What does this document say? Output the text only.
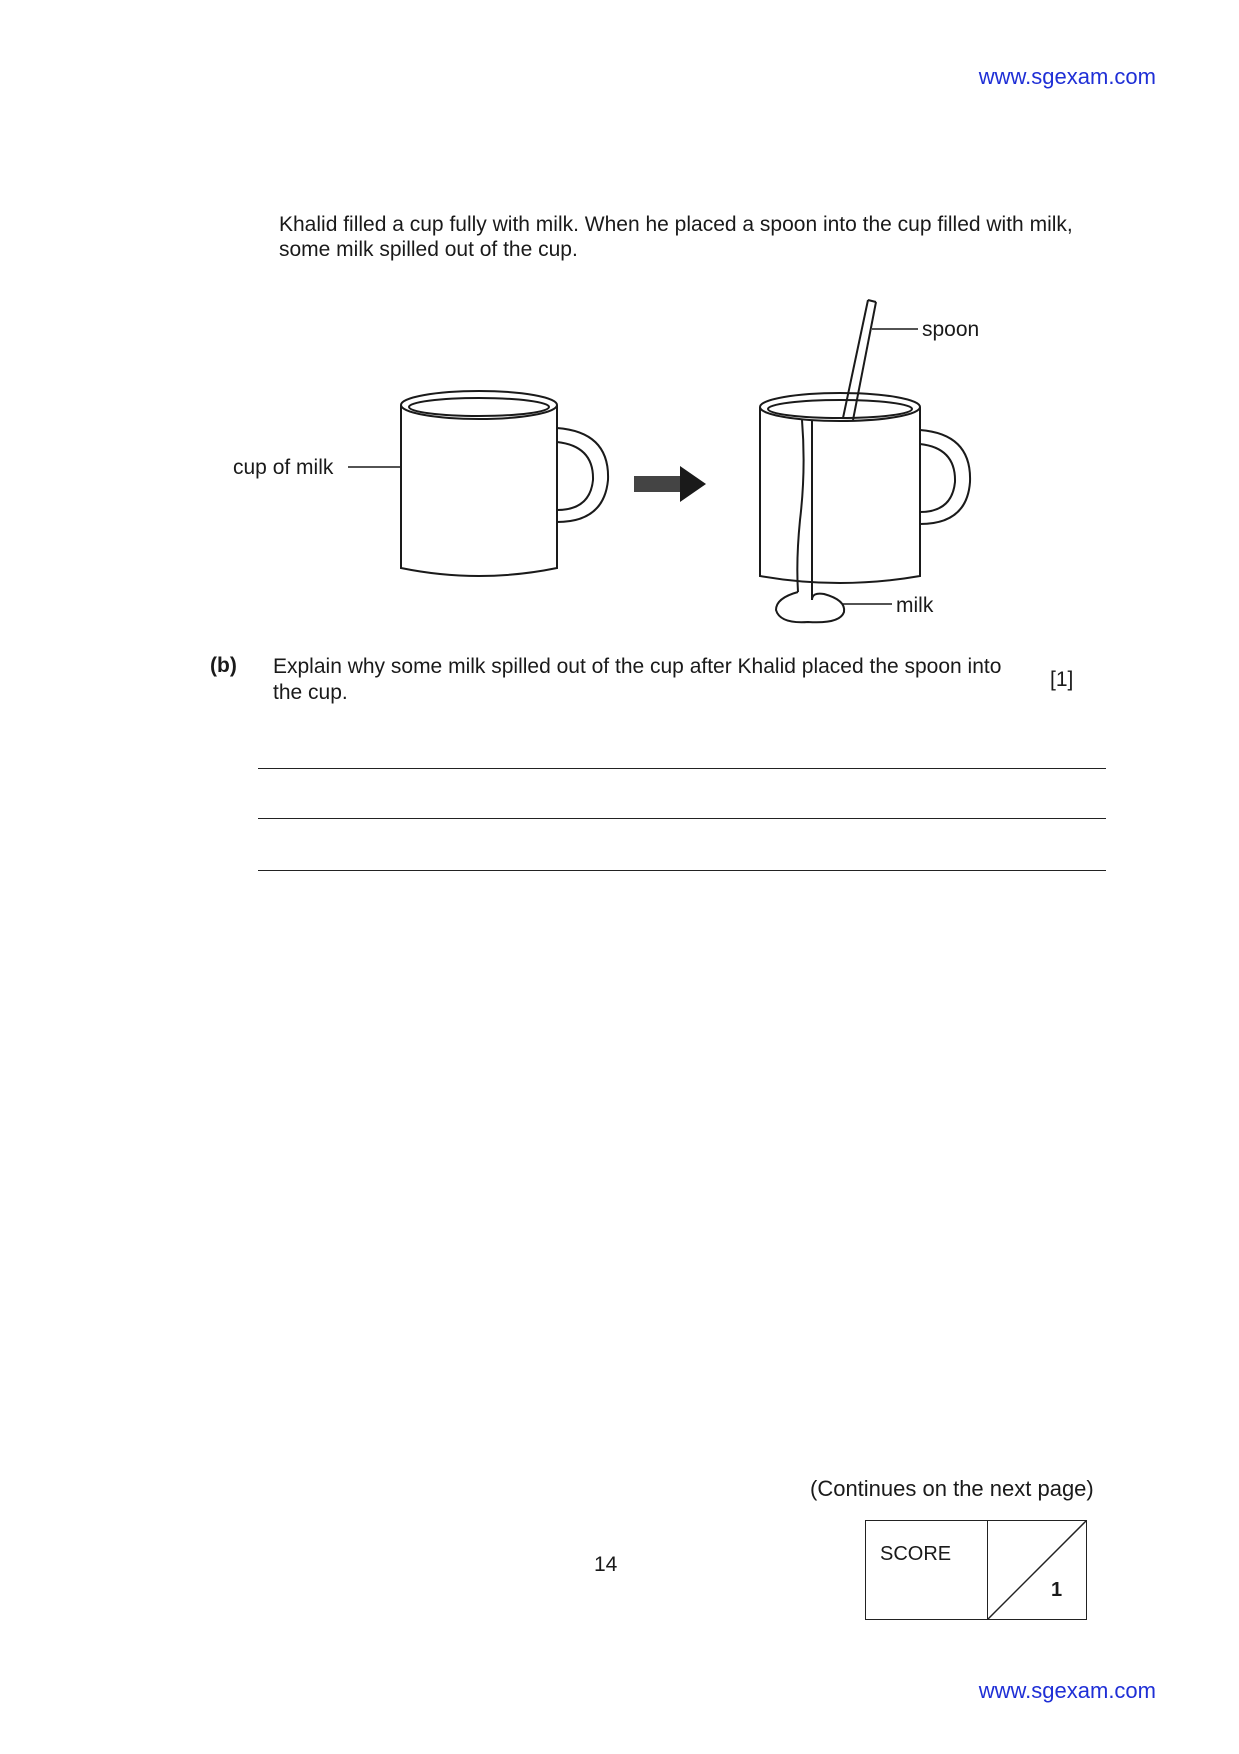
www.sgexam.com
Khalid filled a cup fully with milk. When he placed a spoon into the cup filled with milk, some milk spilled out of the cup.
cup of milk
spoon
milk
(b) Explain why some milk spilled out of the cup after Khalid placed the spoon into the cup.
[1]
(Continues on the next page)
14	SCORE
1
www.sgexam.com
